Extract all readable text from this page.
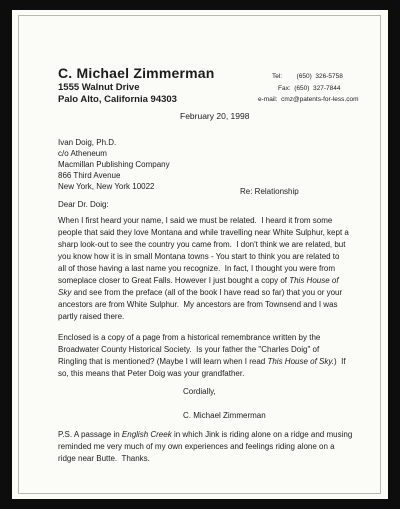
C. Michael Zimmerman
1555 Walnut Drive
Palo Alto, California 94303
Tel:        (650)  326-5758
Fax:  (650)  327-7844
e-mail:  cmz@patents-for-less.com
February 20, 1998
Ivan Doig, Ph.D.
c/o Atheneum
Macmillan Publishing Company
866 Third Avenue
New York, New York 10022
Re: Relationship
Dear Dr. Doig:
When I first heard your name, I said we must be related.  I heard it from some
people that said they love Montana and while travelling near White Sulphur, kept a
sharp look-out to see the country you came from.  I don't think we are related, but
you know how it is in small Montana towns - You start to think you are related to
all of those having a last name you recognize.  In fact, I thought you were from
someplace closer to Great Falls. However I just bought a copy of This House of
Sky and see from the preface (all of the book I have read so far) that you or your
ancestors are from White Sulphur.  My ancestors are from Townsend and I was
partly raised there.
Enclosed is a copy of a page from a historical remembrance written by the
Broadwater County Historical Society.  Is your father the "Charles Doig" of
Ringling that is mentioned? (Maybe I will learn when I read This House of Sky.)  If
so, this means that Peter Doig was your grandfather.
Cordially,
C. Michael Zimmerman
P.S. A passage in English Creek in which Jink is riding alone on a ridge and musing
reminded me very much of my own experiences and feelings riding alone on a
ridge near Butte.  Thanks.
